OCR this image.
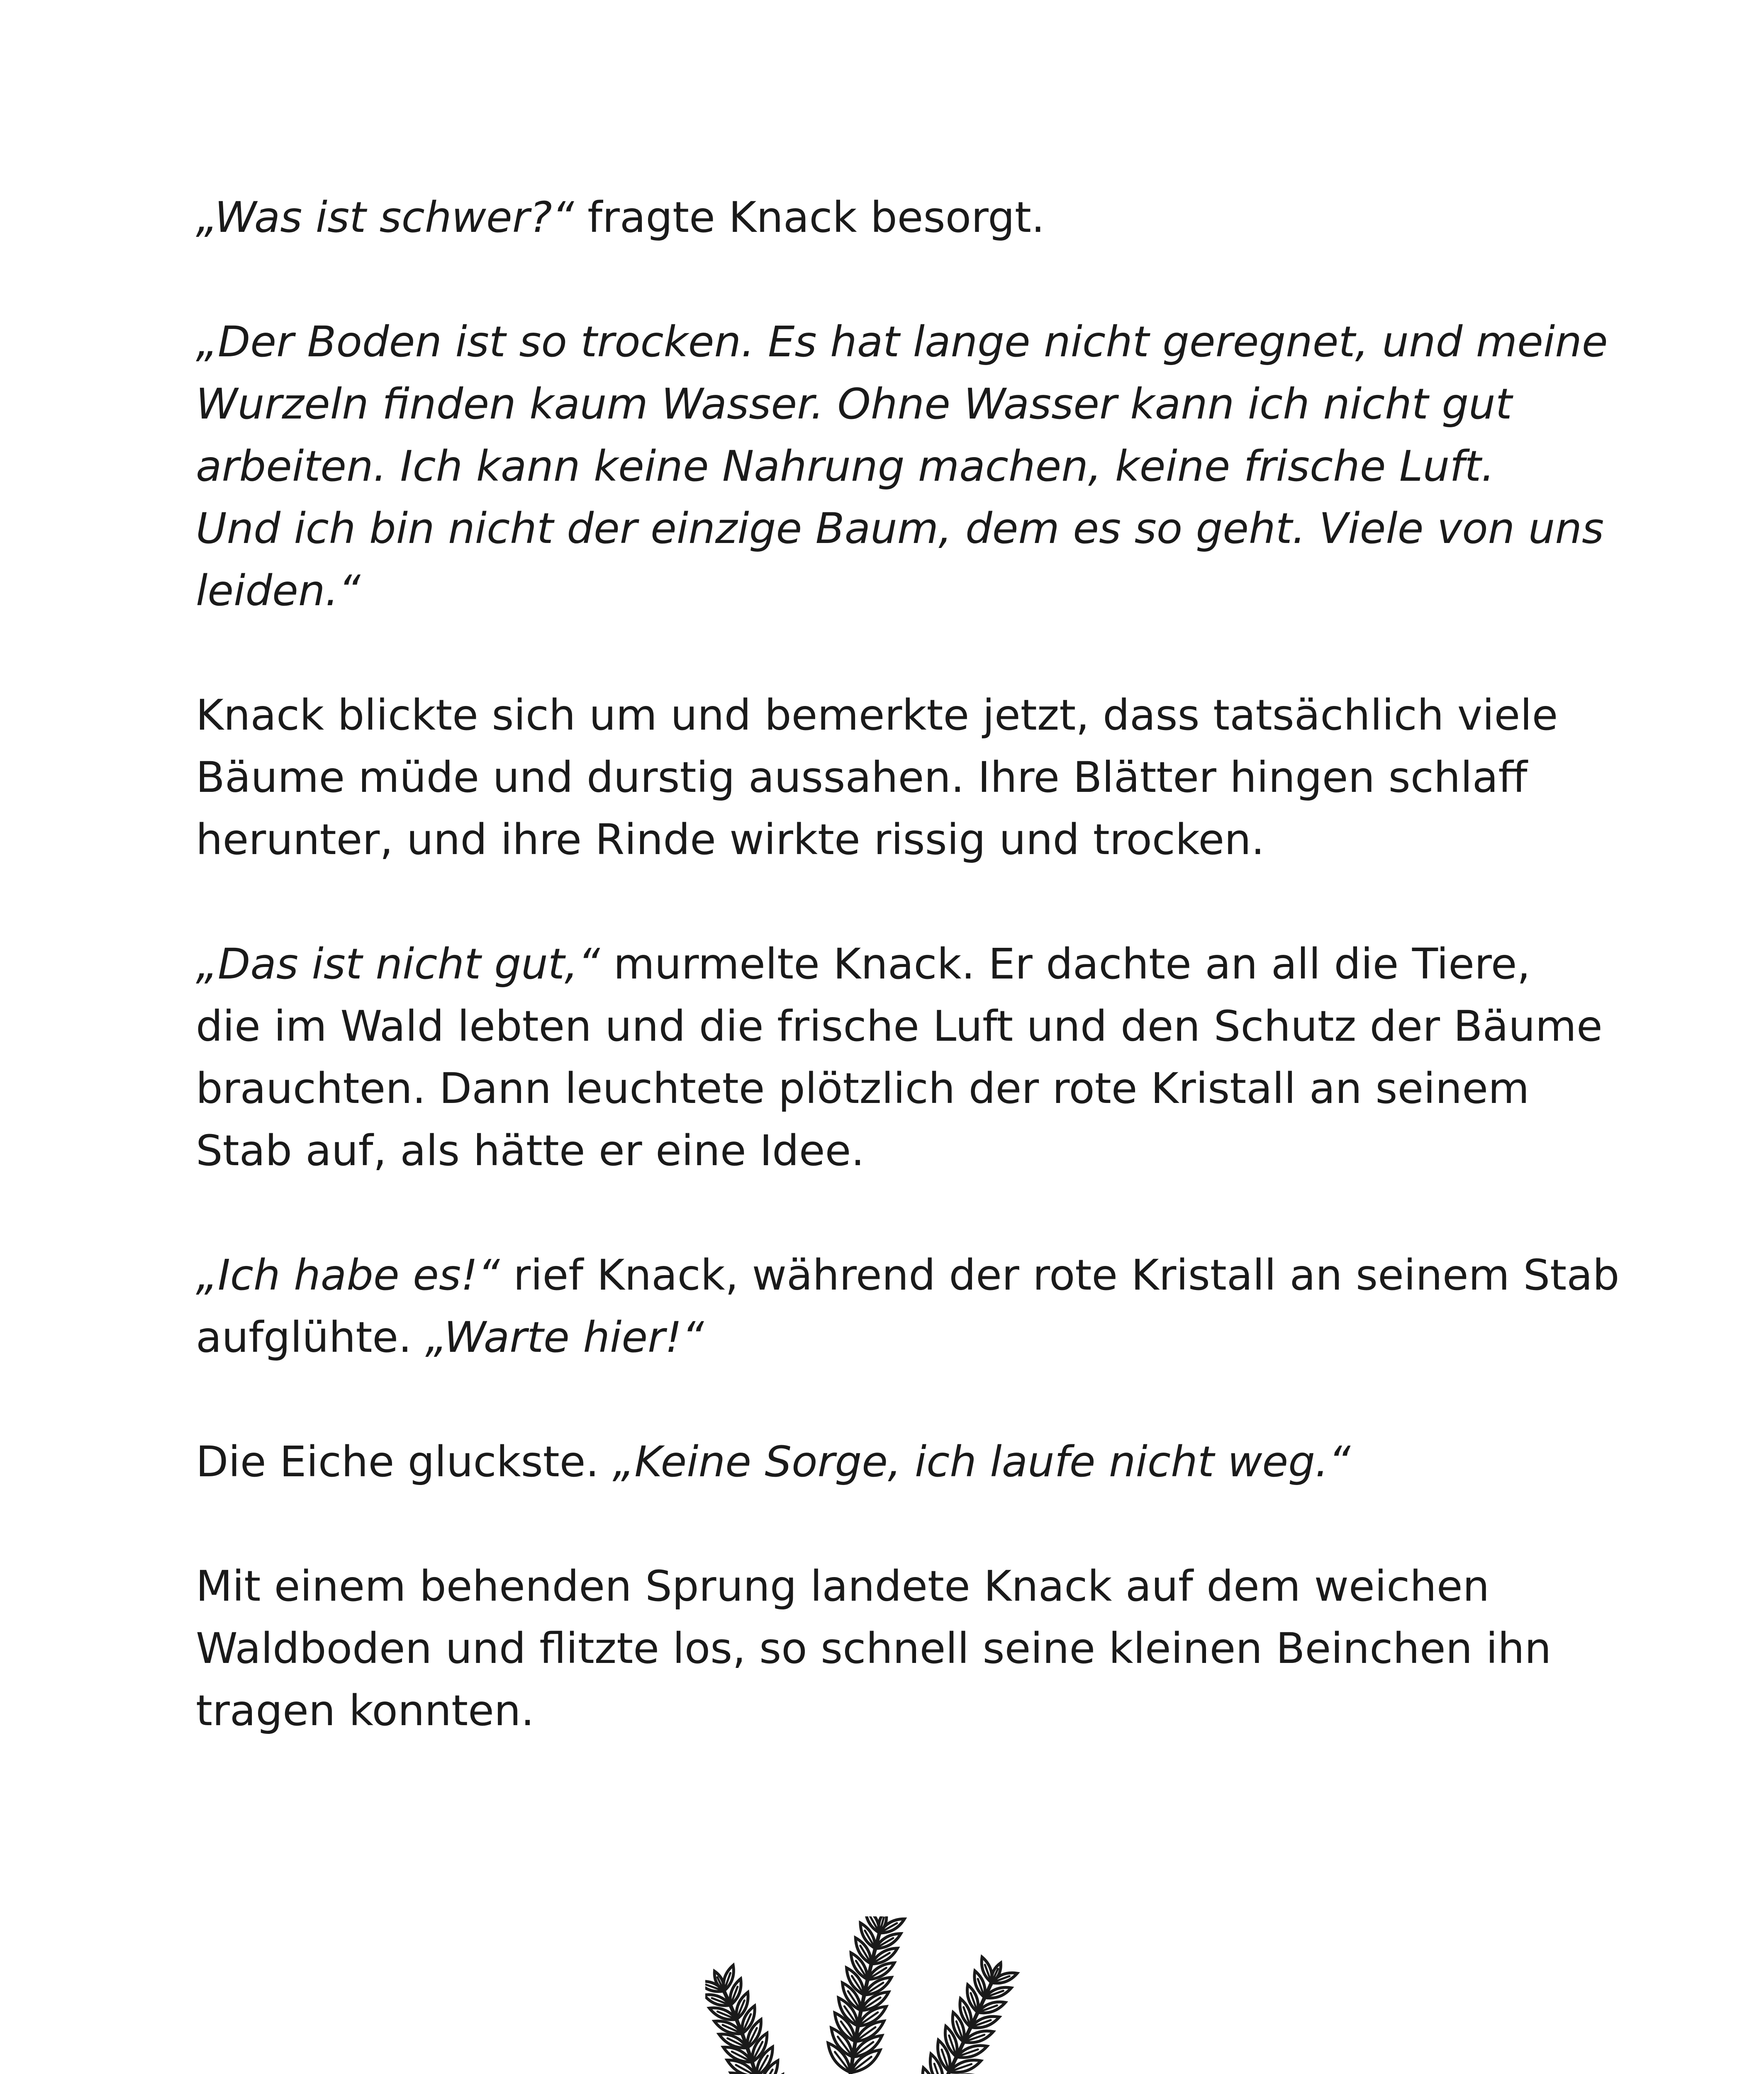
„Was ist schwer?“ fragte Knack besorgt.

„Der Boden ist so trocken. Es hat lange nicht geregnet, und meine
Wurzeln finden kaum Wasser. Ohne Wasser kann ich nicht gut
arbeiten. Ich kann keine Nahrung machen, keine frische Luft.
Und ich bin nicht der einzige Baum, dem es so geht. Viele von uns
leiden.“

Knack blickte sich um und bemerkte jetzt, dass tatsächlich viele
Bäume müde und durstig aussahen. Ihre Blätter hingen schlaff
herunter, und ihre Rinde wirkte rissig und trocken.

„Das ist nicht gut,“ murmelte Knack. Er dachte an all die Tiere,
die im Wald lebten und die frische Luft und den Schutz der Bäume
brauchten. Dann leuchtete plötzlich der rote Kristall an seinem
Stab auf, als hätte er eine Idee.

„Ich habe es!“ rief Knack, während der rote Kristall an seinem Stab
aufglühte. „Warte hier!“

Die Eiche gluckste. „Keine Sorge, ich laufe nicht weg.“

Mit einem behenden Sprung landete Knack auf dem weichen
Waldboden und flitzte los, so schnell seine kleinen Beinchen ihn
tragen konnten.
